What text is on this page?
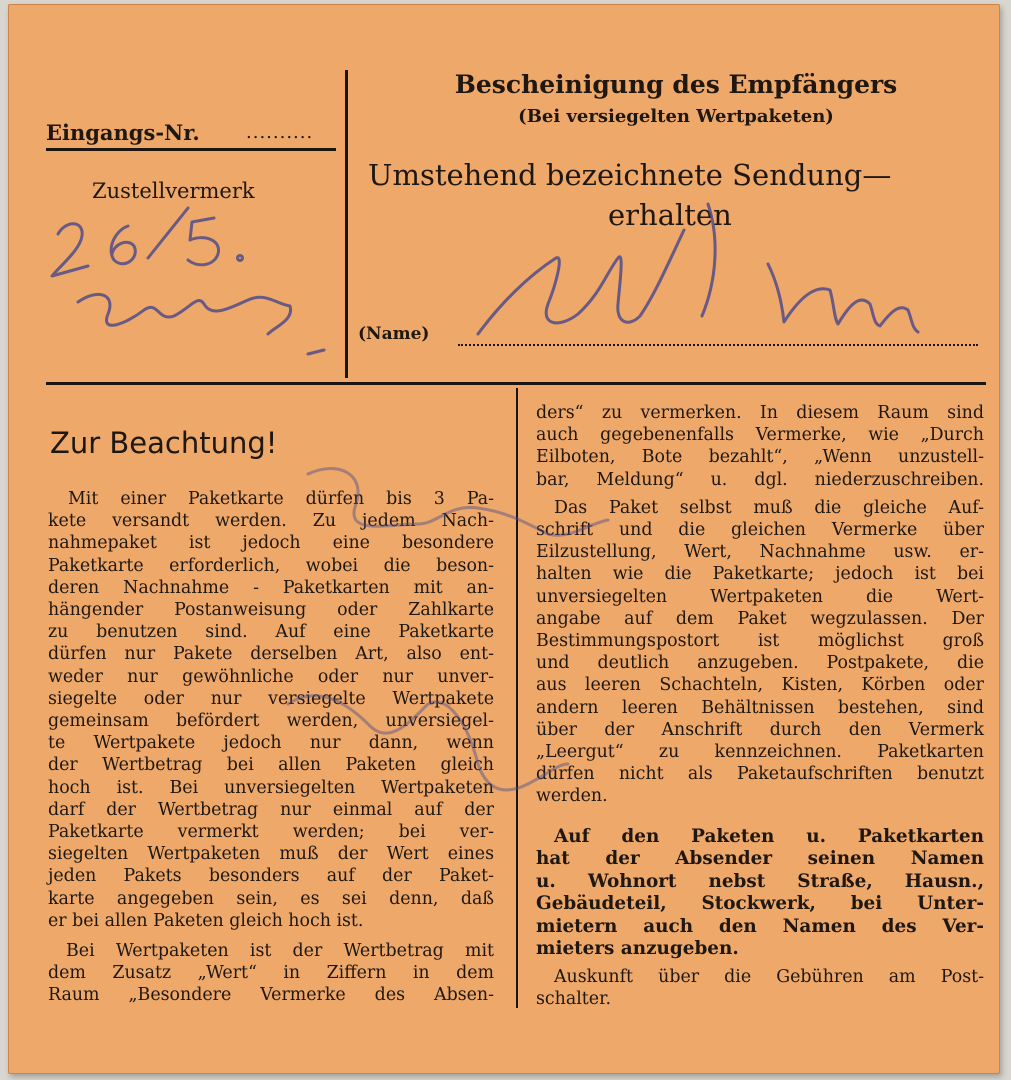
Eingangs-Nr.	..........
Zustellvermerk
Bescheinigung des Empfängers
(Bei versiegelten Wertpaketen)
Umstehend bezeichnete Sendung—
erhalten
(Name)
Zur Beachtung!
Mit einer Paketkarte dürfen bis 3 Pa-
kete versandt werden. Zu jedem Nach-
nahmepaket ist jedoch eine besondere
Paketkarte erforderlich, wobei die beson-
deren Nachnahme - Paketkarten mit an-
hängender Postanweisung oder Zahlkarte
zu benutzen sind. Auf eine Paketkarte
dürfen nur Pakete derselben Art, also ent-
weder nur gewöhnliche oder nur unver-
siegelte oder nur versiegelte Wertpakete
gemeinsam befördert werden, unversiegel-
te Wertpakete jedoch nur dann, wenn
der Wertbetrag bei allen Paketen gleich
hoch ist. Bei unversiegelten Wertpaketen
darf der Wertbetrag nur einmal auf der
Paketkarte vermerkt werden; bei ver-
siegelten Wertpaketen muß der Wert eines
jeden Pakets besonders auf der Paket-
karte angegeben sein, es sei denn, daß
er bei allen Paketen gleich hoch ist.
Bei Wertpaketen ist der Wertbetrag mit
dem Zusatz „Wert“ in Ziffern in dem
Raum „Besondere Vermerke des Absen-
ders“ zu vermerken. In diesem Raum sind
auch gegebenenfalls Vermerke, wie „Durch
Eilboten, Bote bezahlt“, „Wenn unzustell-
bar, Meldung“ u. dgl. niederzuschreiben.
Das Paket selbst muß die gleiche Auf-
schrift und die gleichen Vermerke über
Eilzustellung, Wert, Nachnahme usw. er-
halten wie die Paketkarte; jedoch ist bei
unversiegelten Wertpaketen die Wert-
angabe auf dem Paket wegzulassen. Der
Bestimmungspostort ist möglichst groß
und deutlich anzugeben. Postpakete, die
aus leeren Schachteln, Kisten, Körben oder
andern leeren Behältnissen bestehen, sind
über der Anschrift durch den Vermerk
„Leergut“ zu kennzeichnen. Paketkarten
dürfen nicht als Paketaufschriften benutzt
werden.
Auf den Paketen u. Paketkarten
hat der Absender seinen Namen
u. Wohnort nebst Straße, Hausn.,
Gebäudeteil, Stockwerk, bei Unter-
mietern auch den Namen des Ver-
mieters anzugeben.
Auskunft über die Gebühren am Post-
schalter.
